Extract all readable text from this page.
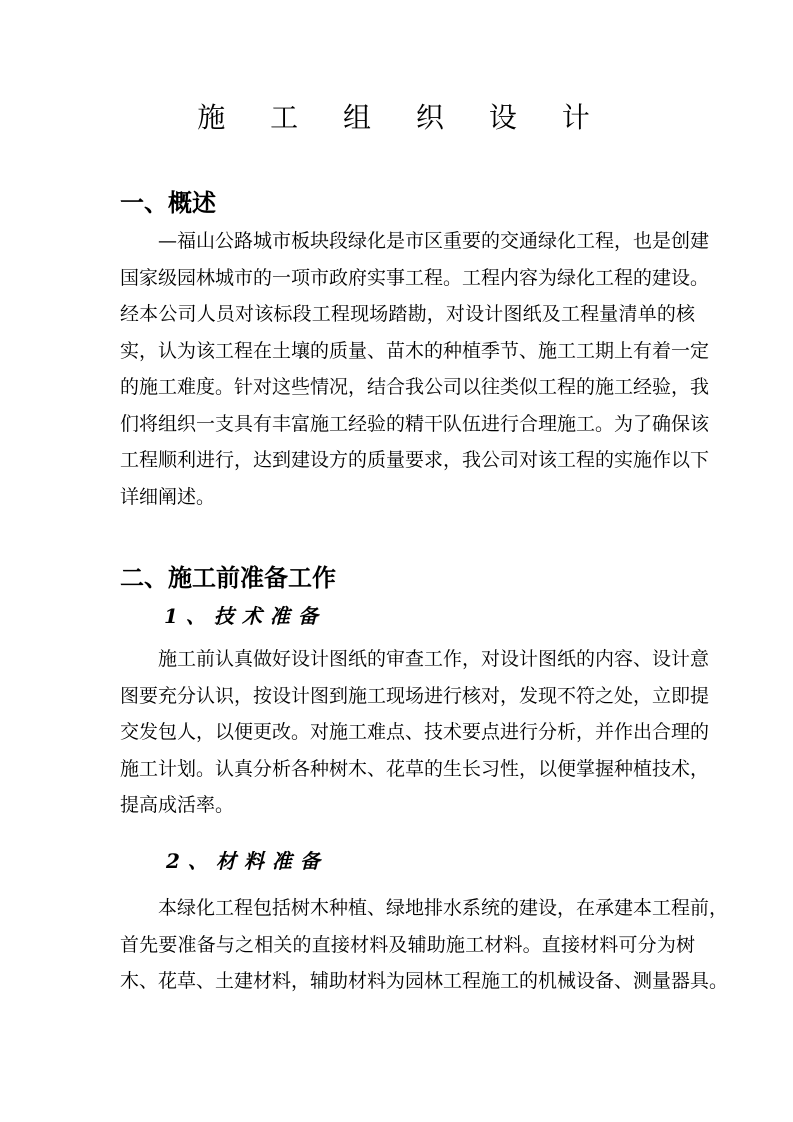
施 工 组 织 设 计
一、概述
—福山公路城市板块段绿化是市区重要的交通绿化工程，也是创建
国家级园林城市的一项市政府实事工程。工程内容为绿化工程的建设。
经本公司人员对该标段工程现场踏勘，对设计图纸及工程量清单的核
实，认为该工程在土壤的质量、苗木的种植季节、施工工期上有着一定
的施工难度。针对这些情况，结合我公司以往类似工程的施工经验，我
们将组织一支具有丰富施工经验的精干队伍进行合理施工。为了确保该
工程顺利进行，达到建设方的质量要求，我公司对该工程的实施作以下
详细阐述。
二、施工前准备工作
1、技术准备
施工前认真做好设计图纸的审查工作，对设计图纸的内容、设计意
图要充分认识，按设计图到施工现场进行核对，发现不符之处，立即提
交发包人，以便更改。对施工难点、技术要点进行分析，并作出合理的
施工计划。认真分析各种树木、花草的生长习性，以便掌握种植技术，
提高成活率。
2、材料准备
本绿化工程包括树木种植、绿地排水系统的建设，在承建本工程前，
首先要准备与之相关的直接材料及辅助施工材料。直接材料可分为树
木、花草、土建材料，辅助材料为园林工程施工的机械设备、测量器具。
